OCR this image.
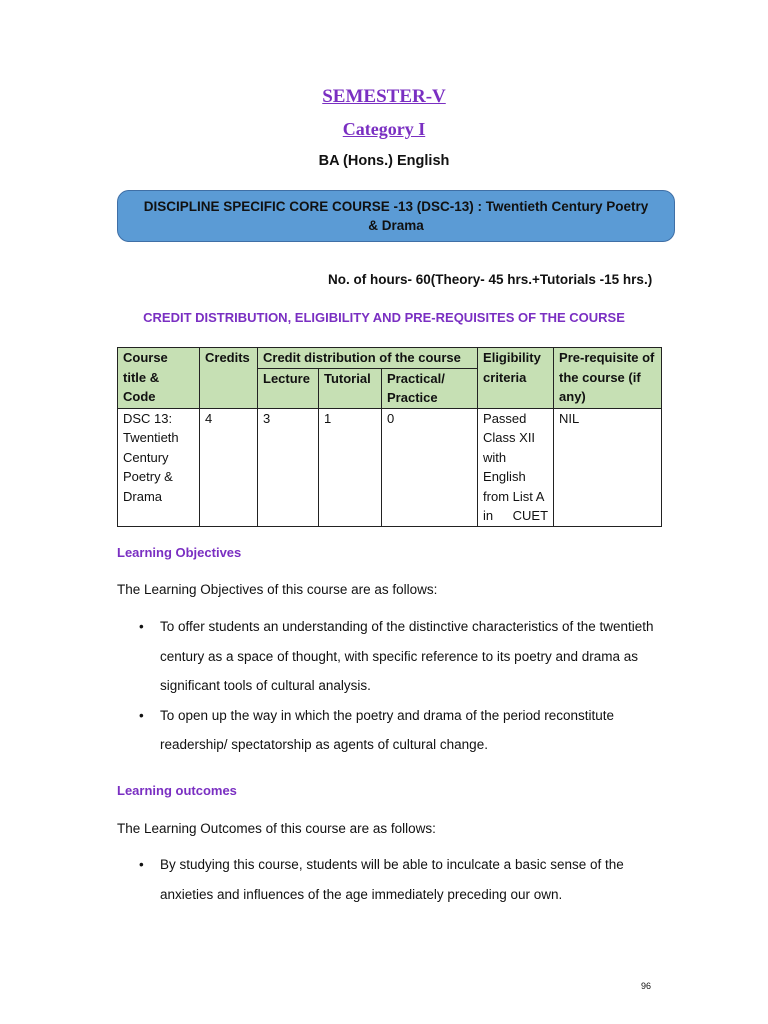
SEMESTER-V
Category I
BA (Hons.) English
DISCIPLINE SPECIFIC CORE COURSE -13 (DSC-13) : Twentieth Century Poetry & Drama
No. of hours- 60(Theory- 45 hrs.+Tutorials -15 hrs.)
CREDIT DISTRIBUTION, ELIGIBILITY AND PRE-REQUISITES OF THE COURSE
Course title & Code	Credits	Credit distribution of the course			Eligibility criteria	Pre-requisite of the course (if any)
		Lecture	Tutorial	Practical/ Practice		
DSC 13: Twentieth Century Poetry & Drama	4	3	1	0	Passed Class XII with English from List A in CUET	NIL
Learning Objectives
The Learning Objectives of this course are as follows:
• To offer students an understanding of the distinctive characteristics of the twentieth century as a space of thought, with specific reference to its poetry and drama as significant tools of cultural analysis.
• To open up the way in which the poetry and drama of the period reconstitute readership/ spectatorship as agents of cultural change.
Learning outcomes
The Learning Outcomes of this course are as follows:
• By studying this course, students will be able to inculcate a basic sense of the anxieties and influences of the age immediately preceding our own.
96
